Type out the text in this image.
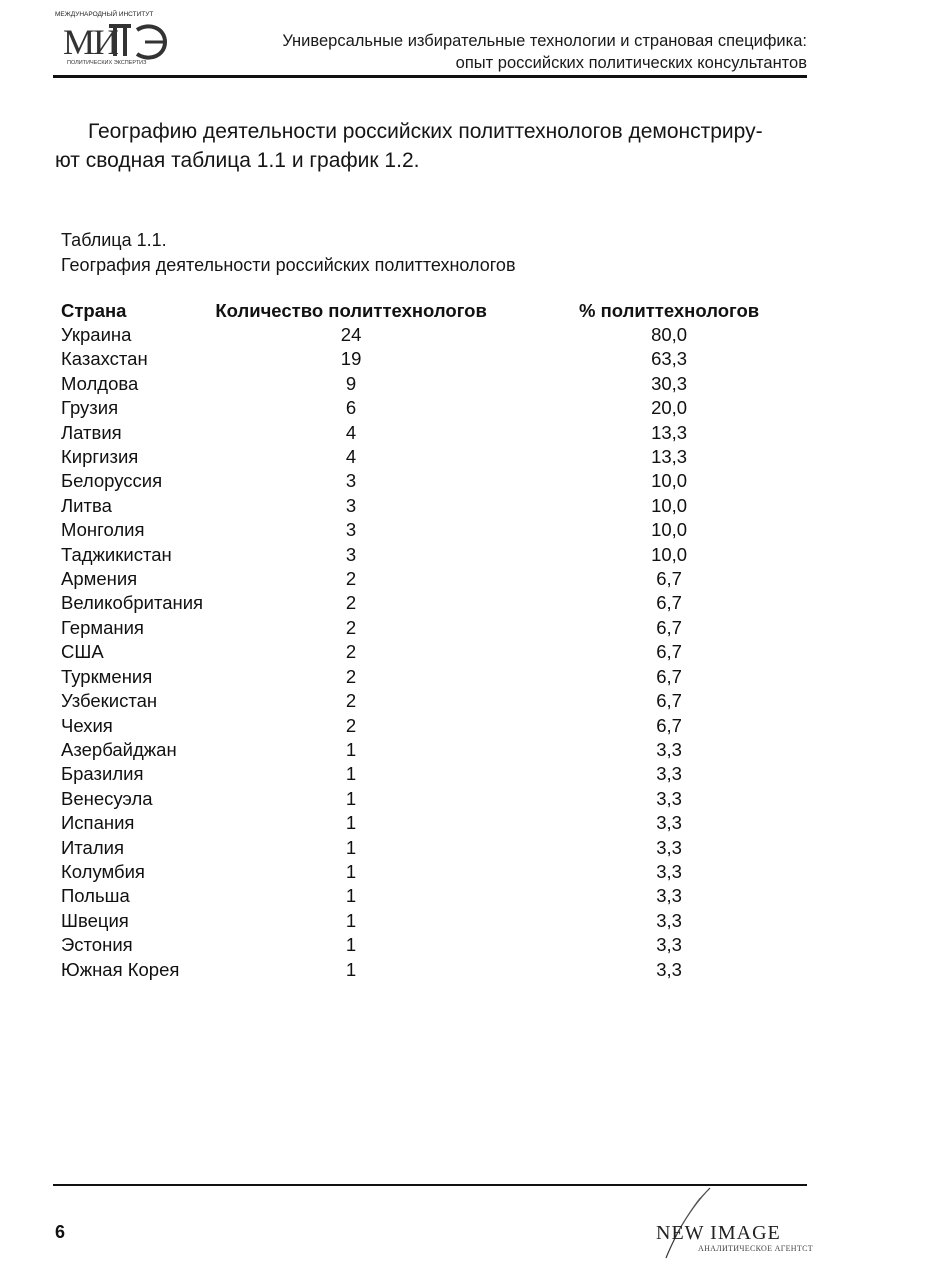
МЕЖДУНАРОДНЫЙ ИНСТИТУТ
МИ
ПОЛИТИЧЕСКИХ ЭКСПЕРТИЗ
Универсальные избирательные технологии и страновая специфика:
опыт российских политических консультантов
Географию деятельности российских политтехнологов демонстриру-
ют сводная таблица 1.1 и график 1.2.
Таблица 1.1.
География деятельности российских политтехнологов
Страна	Количество политтехнологов	% политтехнологов
Украина	24	80,0
Казахстан	19	63,3
Молдова	9	30,3
Грузия	6	20,0
Латвия	4	13,3
Киргизия	4	13,3
Белоруссия	3	10,0
Литва	3	10,0
Монголия	3	10,0
Таджикистан	3	10,0
Армения	2	6,7
Великобритания	2	6,7
Германия	2	6,7
США	2	6,7
Туркмения	2	6,7
Узбекистан	2	6,7
Чехия	2	6,7
Азербайджан	1	3,3
Бразилия	1	3,3
Венесуэла	1	3,3
Испания	1	3,3
Италия	1	3,3
Колумбия	1	3,3
Польша	1	3,3
Швеция	1	3,3
Эстония	1	3,3
Южная Корея	1	3,3
6	NEW IMAGE
АНАЛИТИЧЕСКОЕ АГЕНТСТ
